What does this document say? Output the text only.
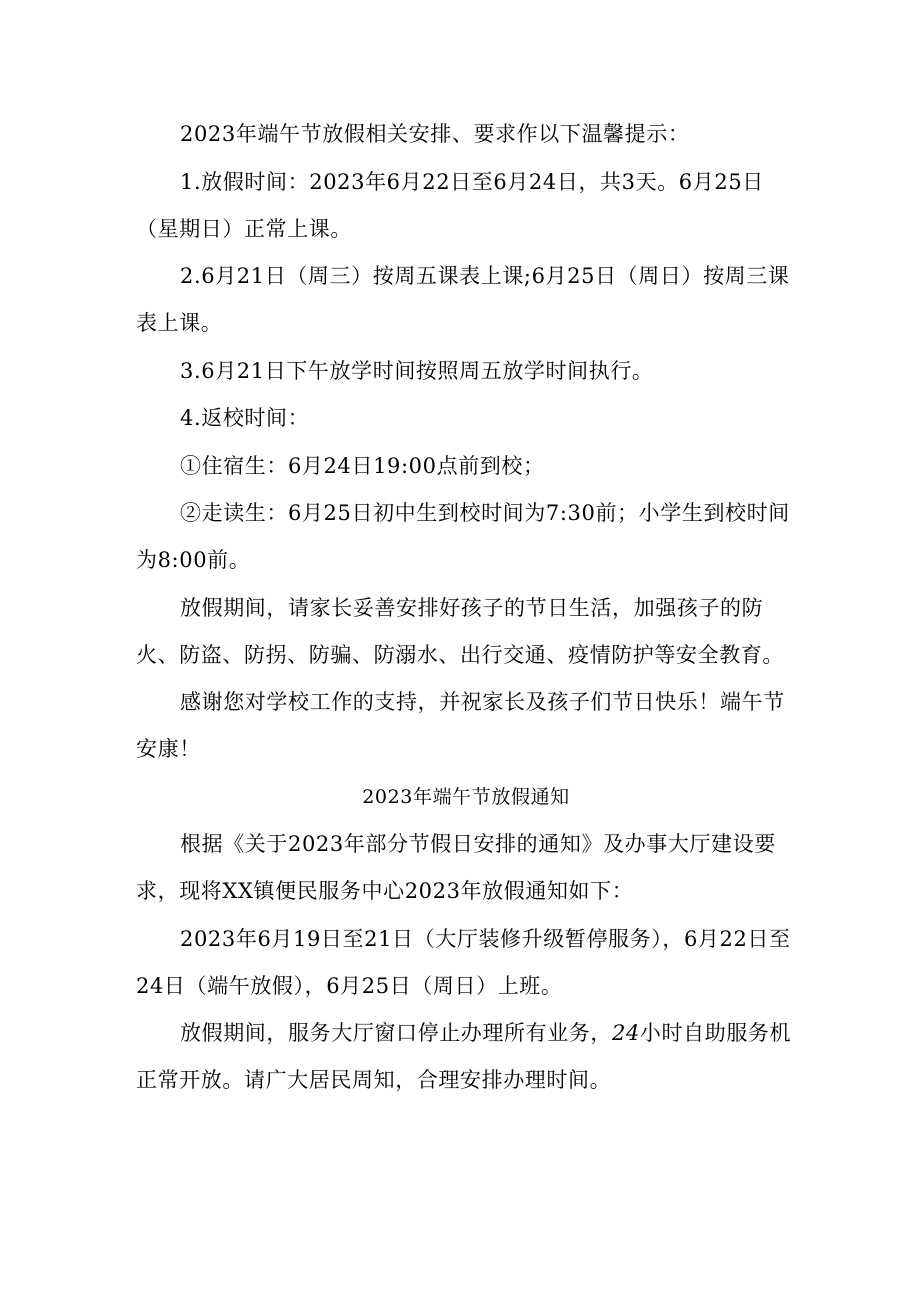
2023年端午节放假相关安排、要求作以下温馨提示：

1.放假时间：2023年6月22日至6月24日，共3天。6月25日（星期日）正常上课。

2.6月21日（周三）按周五课表上课;6月25日（周日）按周三课表上课。

3.6月21日下午放学时间按照周五放学时间执行。

4.返校时间：

①住宿生：6月24日19:00点前到校；

②走读生：6月25日初中生到校时间为7:30前；小学生到校时间为8:00前。

放假期间，请家长妥善安排好孩子的节日生活，加强孩子的防火、防盗、防拐、防骗、防溺水、出行交通、疫情防护等安全教育。

感谢您对学校工作的支持，并祝家长及孩子们节日快乐！端午节安康！

2023年端午节放假通知

根据《关于2023年部分节假日安排的通知》及办事大厅建设要求，现将XX镇便民服务中心2023年放假通知如下：

2023年6月19日至21日（大厅装修升级暂停服务），6月22日至24日（端午放假），6月25日（周日）上班。

放假期间，服务大厅窗口停止办理所有业务，24小时自助服务机正常开放。请广大居民周知，合理安排办理时间。
